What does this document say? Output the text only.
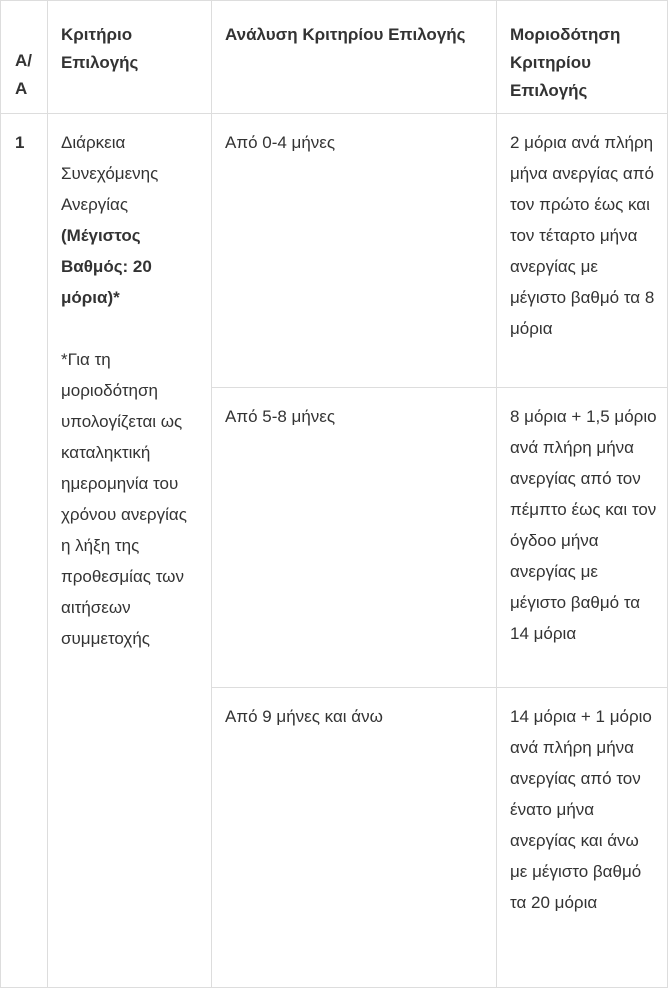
Α/Α	Κριτήριο Επιλογής	Ανάλυση Κριτηρίου Επιλογής	Μοριοδότηση Κριτηρίου Επιλογής
1	Διάρκεια Συνεχόμενης Ανεργίας
(Μέγιστος Βαθμός: 20 μόρια)*
*Για τη μοριοδότηση υπολογίζεται ως καταληκτική ημερομηνία του χρόνου ανεργίας η λήξη της προθεσμίας των αιτήσεων συμμετοχής	Από 0-4 μήνες	2 μόρια ανά πλήρη μήνα ανεργίας από τον πρώτο έως και τον τέταρτο μήνα ανεργίας με μέγιστο βαθμό τα 8 μόρια
		Από 5-8 μήνες	8 μόρια + 1,5 μόριο ανά πλήρη μήνα ανεργίας από τον πέμπτο έως και τον όγδοο μήνα ανεργίας με μέγιστο βαθμό τα 14 μόρια
		Από 9 μήνες και άνω	14 μόρια + 1 μόριο ανά πλήρη μήνα ανεργίας από τον ένατο μήνα ανεργίας και άνω με μέγιστο βαθμό τα 20 μόρια
